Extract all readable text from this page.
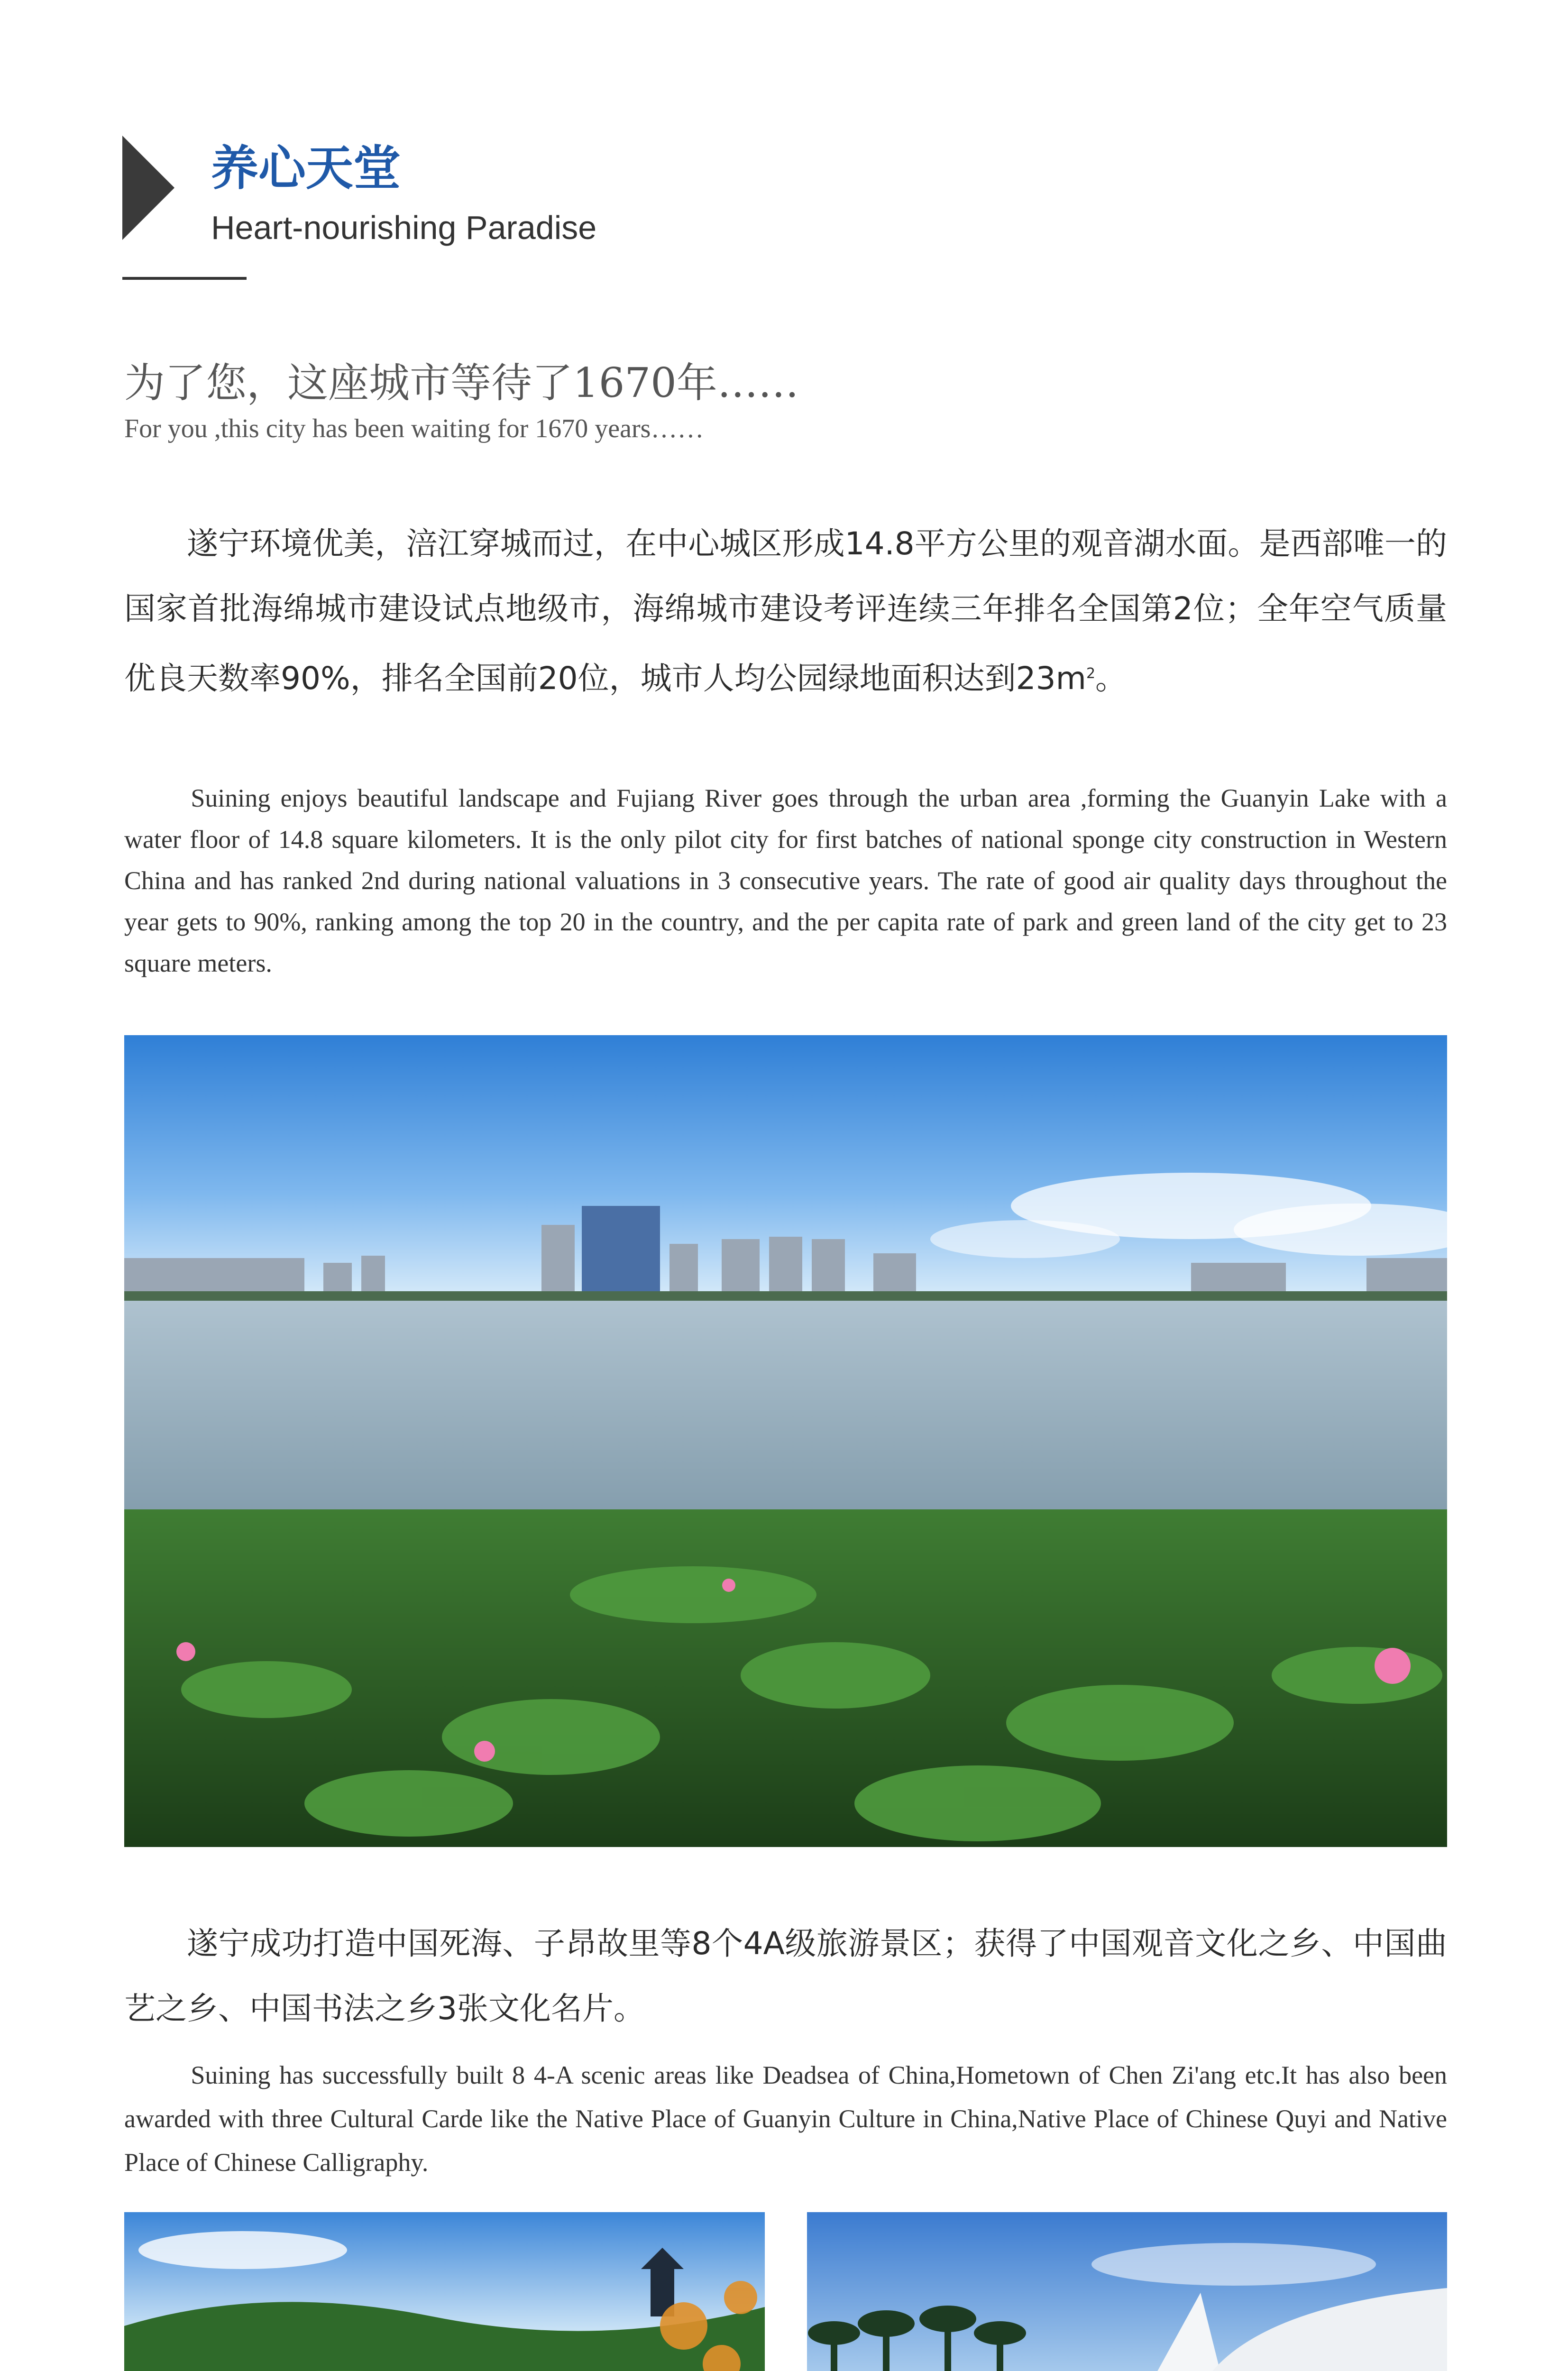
养心天堂
Heart-nourishing Paradise
为了您，这座城市等待了1670年……
For you ,this city has been waiting for 1670 years……

遂宁环境优美，涪江穿城而过，在中心城区形成14.8平方公里的观音湖水面。是西部唯一的国家首批海绵城市建设试点地级市，海绵城市建设考评连续三年排名全国第2位；全年空气质量优良天数率90%，排名全国前20位，城市人均公园绿地面积达到$23m^2$。

Suining enjoys beautiful landscape and Fujiang River goes through the urban area ,forming the Guanyin Lake with a water floor of 14.8 square kilometers. It is the only pilot city for first batches of national sponge city construction in Western China and has ranked 2nd during national valuations in 3 consecutive years. The rate of good air quality days throughout the year gets to 90%, ranking among the top 20 in the country, and the per capita rate of park and green land of the city get to 23 square meters.

遂宁成功打造中国死海、子昂故里等8个4A级旅游景区；获得了中国观音文化之乡、中国曲艺之乡、中国书法之乡3张文化名片。

Suining has successfully built 8 4-A scenic areas like Deadsea of China,Hometown of Chen Zi'ang etc.It has also been awarded with three Cultural Carde like the Native Place of Guanyin Culture in China,Native Place of Chinese Quyi and Native Place of Chinese Calligraphy.
